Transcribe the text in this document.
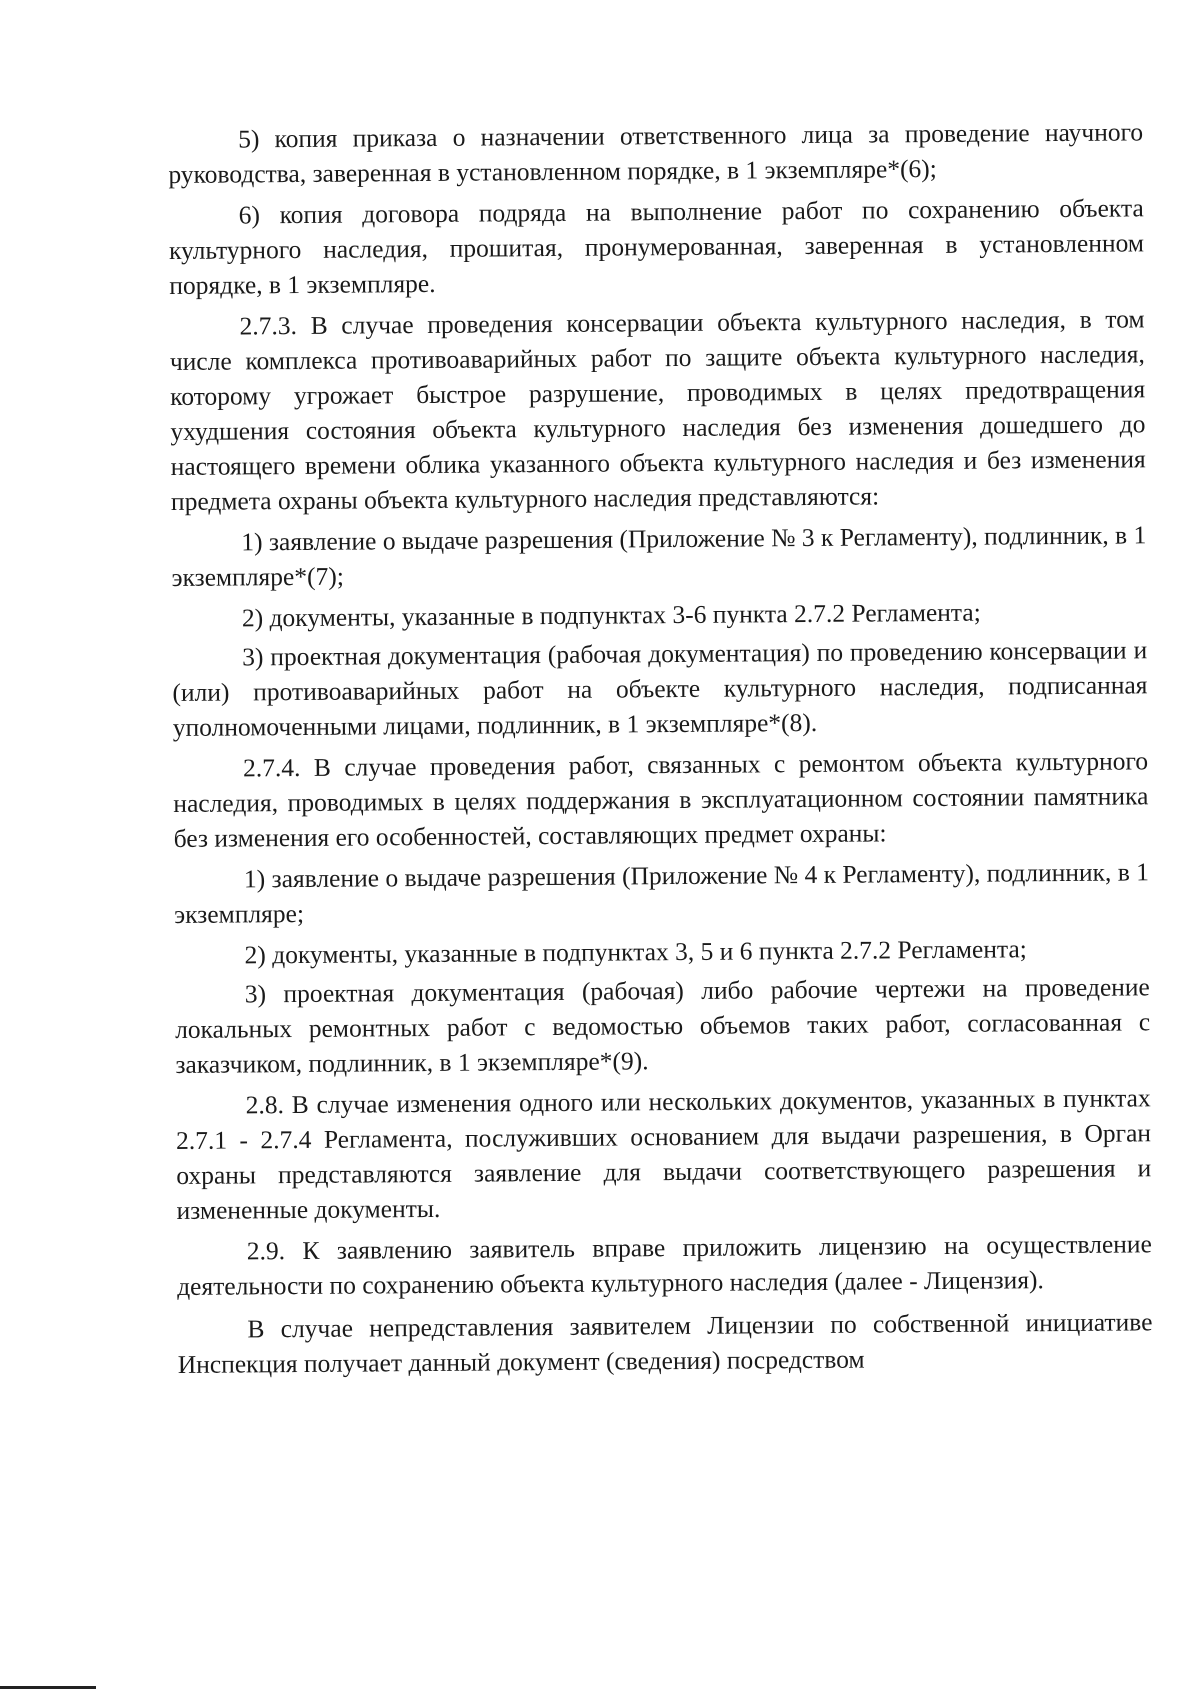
5) копия приказа о назначении ответственного лица за проведение научного руководства, заверенная в установленном порядке, в 1 экземпляре*(6);

6) копия договора подряда на выполнение работ по сохранению объекта культурного наследия, прошитая, пронумерованная, заверенная в установленном порядке, в 1 экземпляре.

2.7.3. В случае проведения консервации объекта культурного наследия, в том числе комплекса противоаварийных работ по защите объекта культурного наследия, которому угрожает быстрое разрушение, проводимых в целях предотвращения ухудшения состояния объекта культурного наследия без изменения дошедшего до настоящего времени облика указанного объекта культурного наследия и без изменения предмета охраны объекта культурного наследия представляются:

1) заявление о выдаче разрешения (Приложение № 3 к Регламенту), подлинник, в 1 экземпляре*(7);

2) документы, указанные в подпунктах 3-6 пункта 2.7.2 Регламента;

3) проектная документация (рабочая документация) по проведению консервации и (или) противоаварийных работ на объекте культурного наследия, подписанная уполномоченными лицами, подлинник, в 1 экземпляре*(8).

2.7.4. В случае проведения работ, связанных с ремонтом объекта культурного наследия, проводимых в целях поддержания в эксплуатационном состоянии памятника без изменения его особенностей, составляющих предмет охраны:

1) заявление о выдаче разрешения (Приложение № 4 к Регламенту), подлинник, в 1 экземпляре;

2) документы, указанные в подпунктах 3, 5 и 6 пункта 2.7.2 Регламента;

3) проектная документация (рабочая) либо рабочие чертежи на проведение локальных ремонтных работ с ведомостью объемов таких работ, согласованная с заказчиком, подлинник, в 1 экземпляре*(9).

2.8. В случае изменения одного или нескольких документов, указанных в пунктах 2.7.1 - 2.7.4 Регламента, послуживших основанием для выдачи разрешения, в Орган охраны представляются заявление для выдачи соответствующего разрешения и измененные документы.

2.9. К заявлению заявитель вправе приложить лицензию на осуществление деятельности по сохранению объекта культурного наследия (далее - Лицензия).

В случае непредставления заявителем Лицензии по собственной инициативе Инспекция получает данный документ (сведения) посредством
